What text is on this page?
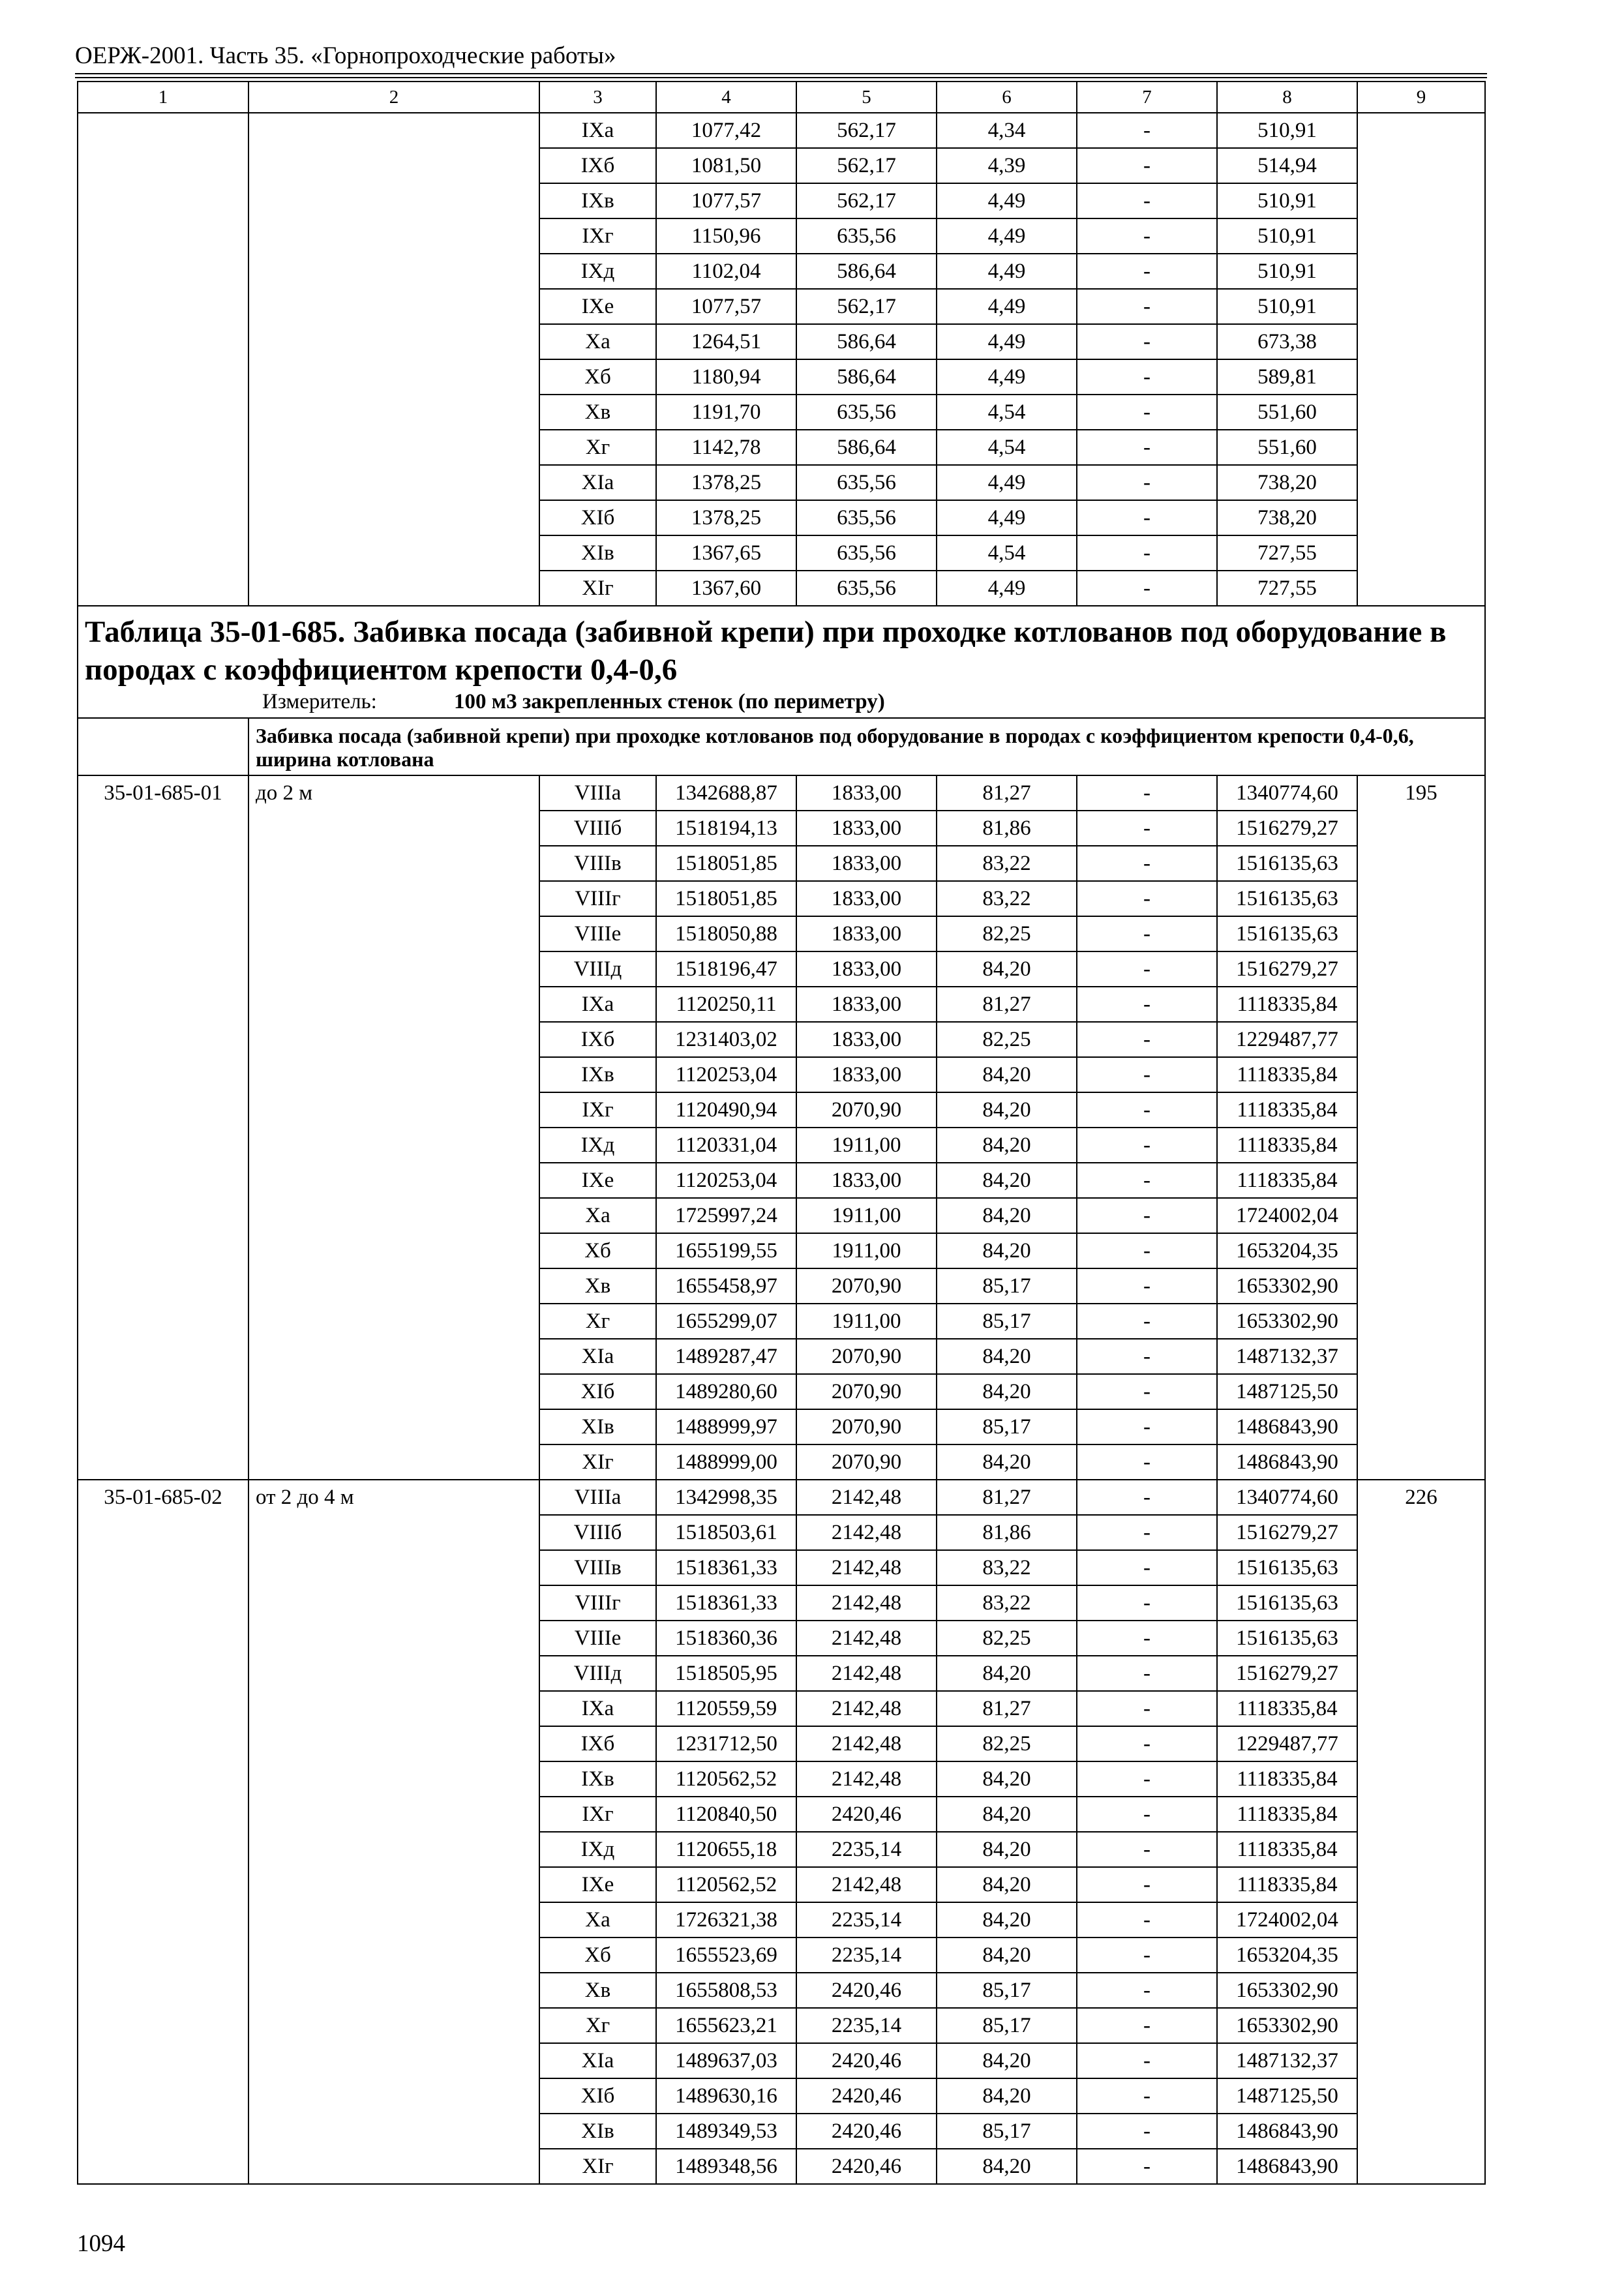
ОЕРЖ-2001. Часть 35. «Горнопроходческие работы»
1	2	3	4	5	6	7	8	9
		IXа	1077,42	562,17	4,34	-	510,91	
		IXб	1081,50	562,17	4,39	-	514,94	
		IXв	1077,57	562,17	4,49	-	510,91	
		IXг	1150,96	635,56	4,49	-	510,91	
		IXд	1102,04	586,64	4,49	-	510,91	
		IXе	1077,57	562,17	4,49	-	510,91	
		Xа	1264,51	586,64	4,49	-	673,38	
		Xб	1180,94	586,64	4,49	-	589,81	
		Xв	1191,70	635,56	4,54	-	551,60	
		Xг	1142,78	586,64	4,54	-	551,60	
		XIа	1378,25	635,56	4,49	-	738,20	
		XIб	1378,25	635,56	4,49	-	738,20	
		XIв	1367,65	635,56	4,54	-	727,55	
		XIг	1367,60	635,56	4,49	-	727,55	
Таблица 35-01-685. Забивка посада (забивной крепи) при проходке котлованов под оборудование в породах с коэффициентом крепости 0,4-0,6								
Измеритель: 100 м3 закрепленных стенок (по периметру)								
	Забивка посада (забивной крепи) при проходке котлованов под оборудование в породах с коэффициентом крепости 0,4-0,6, ширина котлована							
35-01-685-01	до 2 м	VIIIа	1342688,87	1833,00	81,27	-	1340774,60	195
		VIIIб	1518194,13	1833,00	81,86	-	1516279,27	
		VIIIв	1518051,85	1833,00	83,22	-	1516135,63	
		VIIIг	1518051,85	1833,00	83,22	-	1516135,63	
		VIIIе	1518050,88	1833,00	82,25	-	1516135,63	
		VIIIд	1518196,47	1833,00	84,20	-	1516279,27	
		IXа	1120250,11	1833,00	81,27	-	1118335,84	
		IXб	1231403,02	1833,00	82,25	-	1229487,77	
		IXв	1120253,04	1833,00	84,20	-	1118335,84	
		IXг	1120490,94	2070,90	84,20	-	1118335,84	
		IXд	1120331,04	1911,00	84,20	-	1118335,84	
		IXе	1120253,04	1833,00	84,20	-	1118335,84	
		Xа	1725997,24	1911,00	84,20	-	1724002,04	
		Xб	1655199,55	1911,00	84,20	-	1653204,35	
		Xв	1655458,97	2070,90	85,17	-	1653302,90	
		Xг	1655299,07	1911,00	85,17	-	1653302,90	
		XIа	1489287,47	2070,90	84,20	-	1487132,37	
		XIб	1489280,60	2070,90	84,20	-	1487125,50	
		XIв	1488999,97	2070,90	85,17	-	1486843,90	
		XIг	1488999,00	2070,90	84,20	-	1486843,90	
35-01-685-02	от 2 до 4 м	VIIIа	1342998,35	2142,48	81,27	-	1340774,60	226
		VIIIб	1518503,61	2142,48	81,86	-	1516279,27	
		VIIIв	1518361,33	2142,48	83,22	-	1516135,63	
		VIIIг	1518361,33	2142,48	83,22	-	1516135,63	
		VIIIе	1518360,36	2142,48	82,25	-	1516135,63	
		VIIIд	1518505,95	2142,48	84,20	-	1516279,27	
		IXа	1120559,59	2142,48	81,27	-	1118335,84	
		IXб	1231712,50	2142,48	82,25	-	1229487,77	
		IXв	1120562,52	2142,48	84,20	-	1118335,84	
		IXг	1120840,50	2420,46	84,20	-	1118335,84	
		IXд	1120655,18	2235,14	84,20	-	1118335,84	
		IXе	1120562,52	2142,48	84,20	-	1118335,84	
		Xа	1726321,38	2235,14	84,20	-	1724002,04	
		Xб	1655523,69	2235,14	84,20	-	1653204,35	
		Xв	1655808,53	2420,46	85,17	-	1653302,90	
		Xг	1655623,21	2235,14	85,17	-	1653302,90	
		XIа	1489637,03	2420,46	84,20	-	1487132,37	
		XIб	1489630,16	2420,46	84,20	-	1487125,50	
		XIв	1489349,53	2420,46	85,17	-	1486843,90	
		XIг	1489348,56	2420,46	84,20	-	1486843,90	
1094
